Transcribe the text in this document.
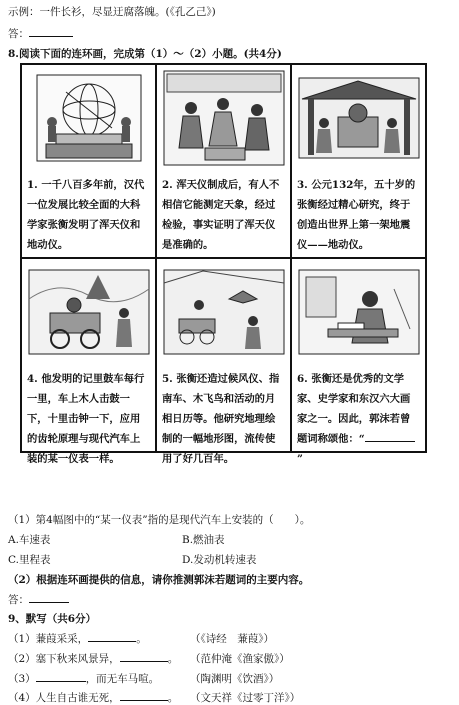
示例：一件长衫，尽显迂腐落魄。(《孔乙己》)
答：
8.阅读下面的连环画，完成第（1）～（2）小题。(共4分)
1. 一千八百多年前，汉代一位发展比较全面的大科学家张衡发明了浑天仪和地动仪。	2. 浑天仪制成后，有人不相信它能测定天象，经过检验，事实证明了浑天仪是准确的。	3. 公元132年，五十岁的张衡经过精心研究，终于创造出世界上第一架地震仪——地动仪。

4. 他发明的记里鼓车每行一里，车上木人击鼓一下，十里击钟一下，应用的齿轮原理与现代汽车上装的某一仪表一样。	5. 张衡还造过候风仪、指南车、木飞鸟和活动的月相日历等。他研究地理绘制的一幅地形图，流传使用了好几百年。	6. 张衡还是优秀的文学家、史学家和东汉六大画家之一。因此，郭沫若曾题词称颂他：“”
（1）第4幅图中的“某一仪表”指的是现代汽车上安装的（　　）。
A.车速表	B.燃油表
C.里程表	D.发动机转速表
（2）根据连环画提供的信息，请你推测郭沫若题词的主要内容。
答：
9、默写（共6分）
（1）蒹葭采采，	。	（《诗经　蒹葭》）
（2）塞下秋来风景异，	。 （范仲淹《渔家傲》）
（3）	，而无车马喧。	（陶渊明《饮酒》）
（4）人生自古谁无死，	。 （文天祥《过零丁洋》）
